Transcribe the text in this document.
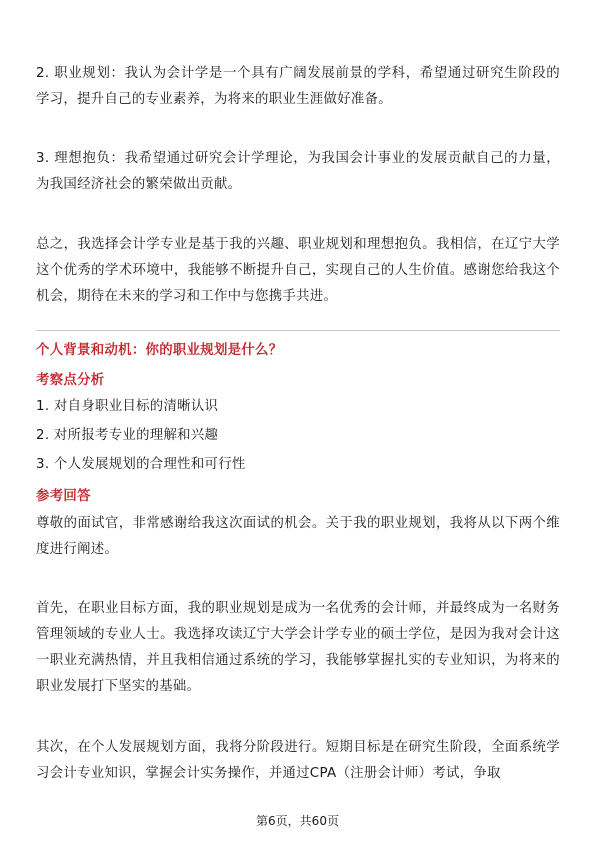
2. 职业规划：我认为会计学是一个具有广阔发展前景的学科，希望通过研究生阶段的学习，提升自己的专业素养，为将来的职业生涯做好准备。

3. 理想抱负：我希望通过研究会计学理论，为我国会计事业的发展贡献自己的力量，为我国经济社会的繁荣做出贡献。

总之，我选择会计学专业是基于我的兴趣、职业规划和理想抱负。我相信，在辽宁大学这个优秀的学术环境中，我能够不断提升自己，实现自己的人生价值。感谢您给我这个机会，期待在未来的学习和工作中与您携手共进。

个人背景和动机：你的职业规划是什么？

考察点分析

1. 对自身职业目标的清晰认识

2. 对所报考专业的理解和兴趣

3. 个人发展规划的合理性和可行性

参考回答

尊敬的面试官，非常感谢给我这次面试的机会。关于我的职业规划，我将从以下两个维度进行阐述。

首先，在职业目标方面，我的职业规划是成为一名优秀的会计师，并最终成为一名财务管理领域的专业人士。我选择攻读辽宁大学会计学专业的硕士学位，是因为我对会计这一职业充满热情，并且我相信通过系统的学习，我能够掌握扎实的专业知识，为将来的职业发展打下坚实的基础。

其次，在个人发展规划方面，我将分阶段进行。短期目标是在研究生阶段，全面系统学习会计专业知识，掌握会计实务操作，并通过CPA（注册会计师）考试，争取

第6页，共60页
